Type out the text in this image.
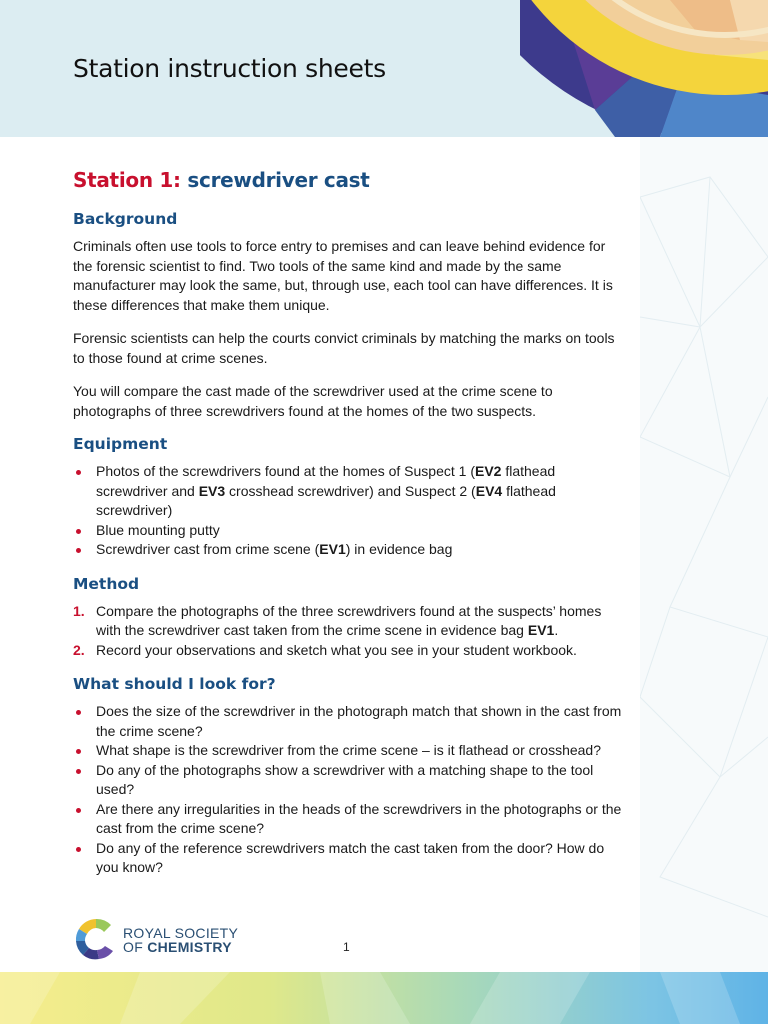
Station instruction sheets
Station 1: screwdriver cast
Background

Criminals often use tools to force entry to premises and can leave behind evidence for the forensic scientist to find. Two tools of the same kind and made by the same manufacturer may look the same, but, through use, each tool can have differences. It is these differences that make them unique.

Forensic scientists can help the courts convict criminals by matching the marks on tools to those found at crime scenes.

You will compare the cast made of the screwdriver used at the crime scene to photographs of three screwdrivers found at the homes of the two suspects.

Equipment
Photos of the screwdrivers found at the homes of Suspect 1 (EV2 flathead screwdriver and EV3 crosshead screwdriver) and Suspect 2 (EV4 flathead screwdriver)
Blue mounting putty
Screwdriver cast from crime scene (EV1) in evidence bag
Method
1. Compare the photographs of the three screwdrivers found at the suspects’ homes with the screwdriver cast taken from the crime scene in evidence bag EV1.
2. Record your observations and sketch what you see in your student workbook.
What should I look for?
Does the size of the screwdriver in the photograph match that shown in the cast from the crime scene?
What shape is the screwdriver from the crime scene – is it flathead or crosshead?
Do any of the photographs show a screwdriver with a matching shape to the tool used?
Are there any irregularities in the heads of the screwdrivers in the photographs or the cast from the crime scene?
Do any of the reference screwdrivers match the cast taken from the door? How do you know?
ROYAL SOCIETY
OF CHEMISTRY	1
